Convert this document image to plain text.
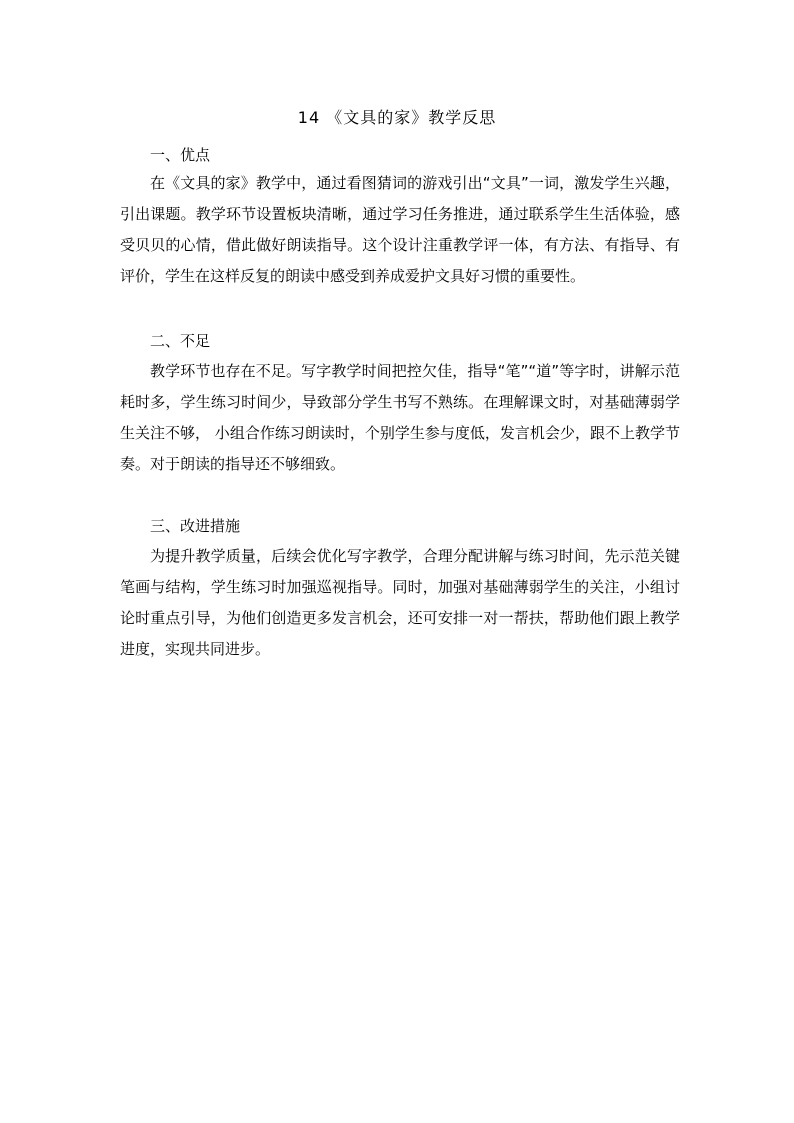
14 《文具的家》教学反思
一、优点

在《文具的家》教学中，通过看图猜词的游戏引出“文具”一词，激发学生兴趣，引出课题。教学环节设置板块清晰，通过学习任务推进，通过联系学生生活体验，感受贝贝的心情，借此做好朗读指导。这个设计注重教学评一体，有方法、有指导、有评价，学生在这样反复的朗读中感受到养成爱护文具好习惯的重要性。

二、不足

教学环节也存在不足。写字教学时间把控欠佳，指导“笔”“道”等字时，讲解示范耗时多，学生练习时间少，导致部分学生书写不熟练。在理解课文时，对基础薄弱学生关注不够， 小组合作练习朗读时，个别学生参与度低，发言机会少，跟不上教学节奏。对于朗读的指导还不够细致。

三、改进措施

为提升教学质量，后续会优化写字教学，合理分配讲解与练习时间，先示范关键笔画与结构，学生练习时加强巡视指导。同时，加强对基础薄弱学生的关注，小组讨论时重点引导，为他们创造更多发言机会，还可安排一对一帮扶，帮助他们跟上教学进度，实现共同进步。
